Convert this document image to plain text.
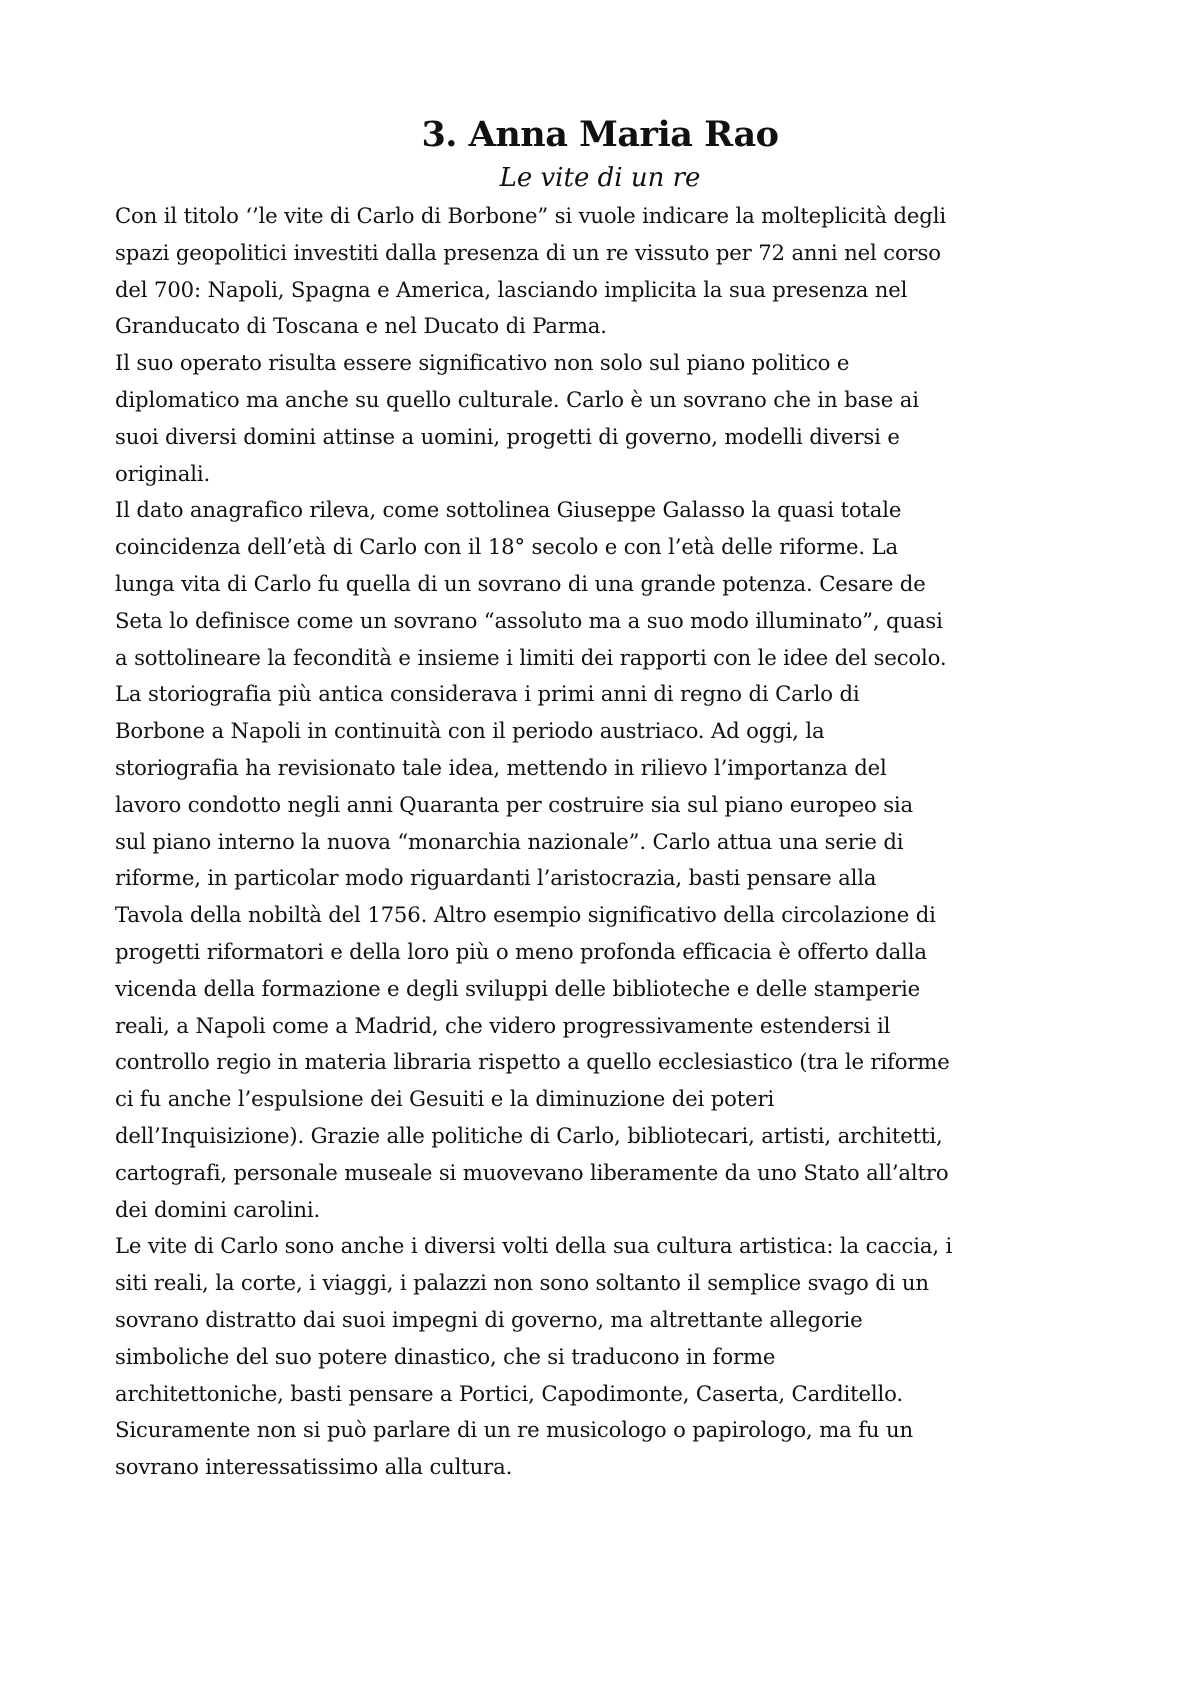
3. Anna Maria Rao
Le vite di un re
Con il titolo ‘’le vite di Carlo di Borbone” si vuole indicare la molteplicità degli
spazi geopolitici investiti dalla presenza di un re vissuto per 72 anni nel corso
del 700: Napoli, Spagna e America, lasciando implicita la sua presenza nel
Granducato di Toscana e nel Ducato di Parma.
Il suo operato risulta essere significativo non solo sul piano politico e
diplomatico ma anche su quello culturale. Carlo è un sovrano che in base ai
suoi diversi domini attinse a uomini, progetti di governo, modelli diversi e
originali.
Il dato anagrafico rileva, come sottolinea Giuseppe Galasso la quasi totale
coincidenza dell’età di Carlo con il 18° secolo e con l’età delle riforme. La
lunga vita di Carlo fu quella di un sovrano di una grande potenza. Cesare de
Seta lo definisce come un sovrano “assoluto ma a suo modo illuminato”, quasi
a sottolineare la fecondità e insieme i limiti dei rapporti con le idee del secolo.
La storiografia più antica considerava i primi anni di regno di Carlo di
Borbone a Napoli in continuità con il periodo austriaco. Ad oggi, la
storiografia ha revisionato tale idea, mettendo in rilievo l’importanza del
lavoro condotto negli anni Quaranta per costruire sia sul piano europeo sia
sul piano interno la nuova “monarchia nazionale”. Carlo attua una serie di
riforme, in particolar modo riguardanti l’aristocrazia, basti pensare alla
Tavola della nobiltà del 1756. Altro esempio significativo della circolazione di
progetti riformatori e della loro più o meno profonda efficacia è offerto dalla
vicenda della formazione e degli sviluppi delle biblioteche e delle stamperie
reali, a Napoli come a Madrid, che videro progressivamente estendersi il
controllo regio in materia libraria rispetto a quello ecclesiastico (tra le riforme
ci fu anche l’espulsione dei Gesuiti e la diminuzione dei poteri
dell’Inquisizione). Grazie alle politiche di Carlo, bibliotecari, artisti, architetti,
cartografi, personale museale si muovevano liberamente da uno Stato all’altro
dei domini carolini.
Le vite di Carlo sono anche i diversi volti della sua cultura artistica: la caccia, i
siti reali, la corte, i viaggi, i palazzi non sono soltanto il semplice svago di un
sovrano distratto dai suoi impegni di governo, ma altrettante allegorie
simboliche del suo potere dinastico, che si traducono in forme
architettoniche, basti pensare a Portici, Capodimonte, Caserta, Carditello.
Sicuramente non si può parlare di un re musicologo o papirologo, ma fu un
sovrano interessatissimo alla cultura.
